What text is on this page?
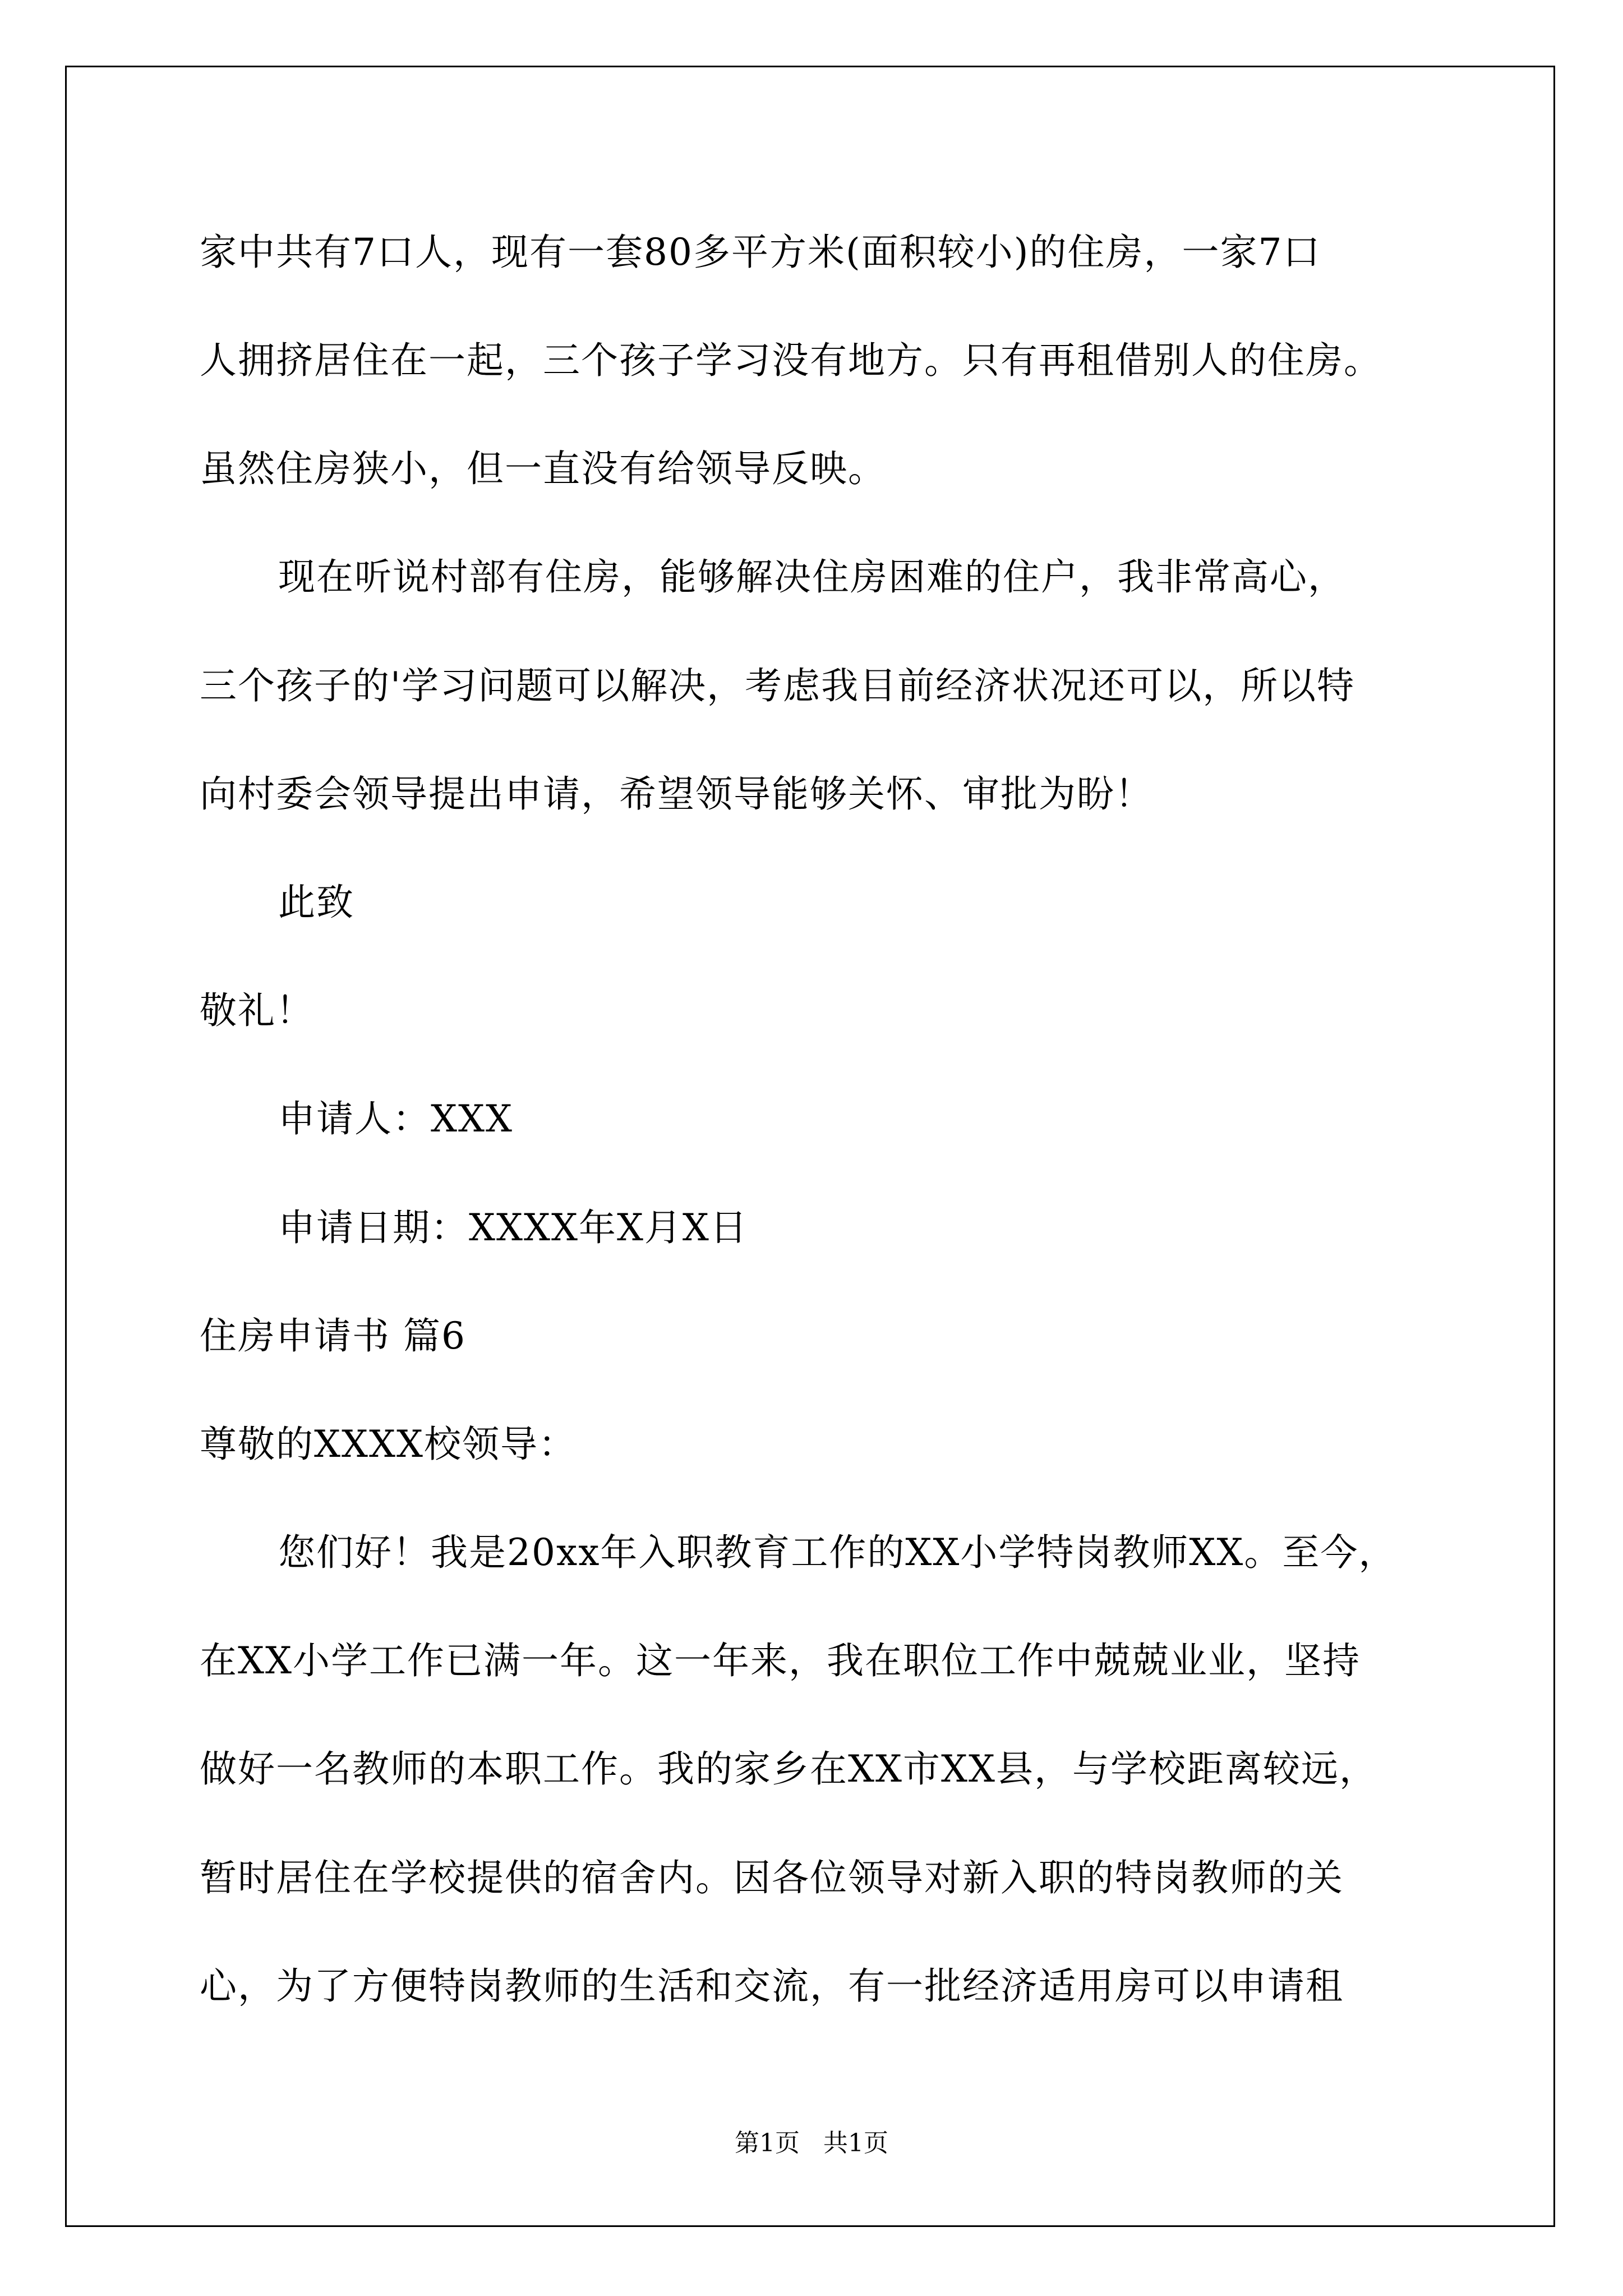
家中共有7口人，现有一套80多平方米(面积较小)的住房，一家7口
人拥挤居住在一起，三个孩子学习没有地方。只有再租借别人的住房。
虽然住房狭小，但一直没有给领导反映。
现在听说村部有住房，能够解决住房困难的住户，我非常高心，
三个孩子的'学习问题可以解决，考虑我目前经济状况还可以，所以特
向村委会领导提出申请，希望领导能够关怀、审批为盼！
此致
敬礼！
申请人：XXX
申请日期：XXXX年X月X日
住房申请书 篇6
尊敬的XXXX校领导：
您们好！我是20xx年入职教育工作的XX小学特岗教师XX。至今，
在XX小学工作已满一年。这一年来，我在职位工作中兢兢业业，坚持
做好一名教师的本职工作。我的家乡在XX市XX县，与学校距离较远，
暂时居住在学校提供的宿舍内。因各位领导对新入职的特岗教师的关
心，为了方便特岗教师的生活和交流，有一批经济适用房可以申请租
第1页   共1页
